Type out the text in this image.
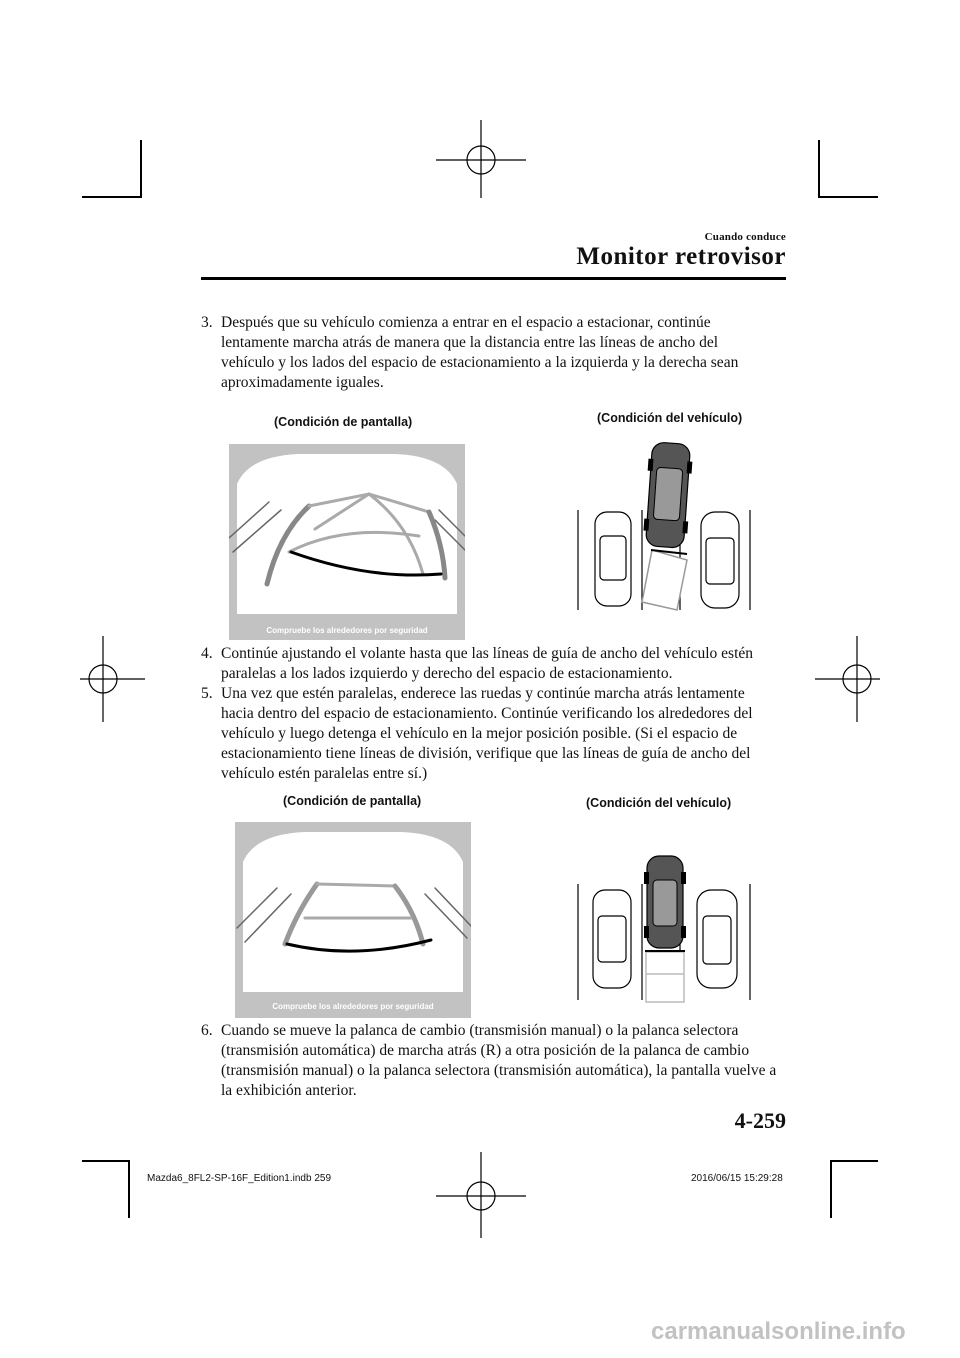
Cuando conduce
Monitor retrovisor
3. Después que su vehículo comienza a entrar en el espacio a estacionar, continúe
lentamente marcha atrás de manera que la distancia entre las líneas de ancho del
vehículo y los lados del espacio de estacionamiento a la izquierda y la derecha sean
aproximadamente iguales.
(Condición de pantalla)	(Condición del vehículo)
Compruebe los alrededores por seguridad
4. Continúe ajustando el volante hasta que las líneas de guía de ancho del vehículo estén
paralelas a los lados izquierdo y derecho del espacio de estacionamiento.
5. Una vez que estén paralelas, enderece las ruedas y continúe marcha atrás lentamente
hacia dentro del espacio de estacionamiento. Continúe verificando los alrededores del
vehículo y luego detenga el vehículo en la mejor posición posible. (Si el espacio de
estacionamiento tiene líneas de división, verifique que las líneas de guía de ancho del
vehículo estén paralelas entre sí.)
(Condición de pantalla)	(Condición del vehículo)
Compruebe los alrededores por seguridad
6. Cuando se mueve la palanca de cambio (transmisión manual) o la palanca selectora
(transmisión automática) de marcha atrás (R) a otra posición de la palanca de cambio
(transmisión manual) o la palanca selectora (transmisión automática), la pantalla vuelve a
la exhibición anterior.
4-259
Mazda6_8FL2-SP-16F_Edition1.indb 259	2016/06/15 15:29:28
carmanualsonline.info
